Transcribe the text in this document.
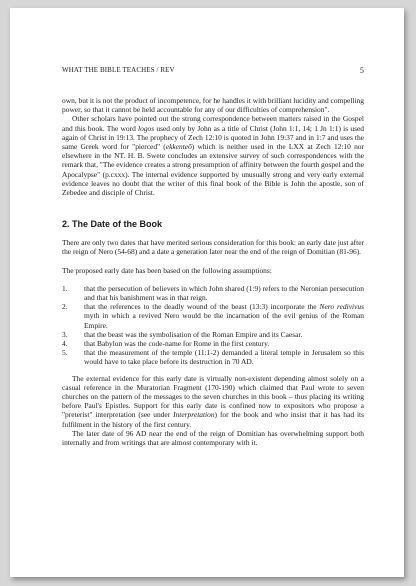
WHAT THE BIBLE TEACHES / REV	5

own, but it is not the product of incompetence, for he handles it with brilliant lucidity and compelling power, so that it cannot be held accountable for any of our difficulties of comprehension".

Other scholars have pointed out the strong correspondence between matters raised in the Gospel and this book. The word logos used only by John as a title of Christ (John 1:1, 14; 1 Jn 1:1) is used again of Christ in 19:13. The prophecy of Zech 12:10 is quoted in John 19:37 and in 1:7 and uses the same Greek word for "pierced" (ekkenteō) which is neither used in the LXX at Zech 12:10 nor elsewhere in the NT. H. B. Swete concludes an extensive survey of such correspondences with the remark that, "The evidence creates a strong presumption of affinity between the fourth gospel and the Apocalypse" (p.cxxx). The internal evidence supported by unusually strong and very early external evidence leaves no doubt that the writer of this final book of the Bible is John the apostle, son of Zebedee and disciple of Christ.

2. The Date of the Book

There are only two dates that have merited serious consideration for this book: an early date just after the reign of Nero (54-68) and a date a generation later near the end of the reign of Domitian (81-96).

The proposed early date has been based on the following assumptions:

1.	that the persecution of believers in which John shared (1:9) refers to the Neronian persecution and that his banishment was in that reign.
2.	that the references to the deadly wound of the beast (13:3) incorporate the Nero redivivus myth in which a revived Nero would be the incarnation of the evil genius of the Roman Empire.
3.	that the beast was the symbolisation of the Roman Empire and its Caesar.
4.	that Babylon was the code-name for Rome in the first century.
5.	that the measurement of the temple (11:1-2) demanded a literal temple in Jerusalem so this would have to take place before its destruction in 70 AD.

The external evidence for this early date is virtually non-existent depending almost solely on a casual reference in the Muratorian Fragment (170-190) which claimed that Paul wrote to seven churches on the pattern of the messages to the seven churches in this book – thus placing its writing before Paul's Epistles. Support for this early date is confined now to expositors who propose a "preterist" interpretation (see under Interpretation) for the book and who insist that it has had its fulfilment in the history of the first century.

The later date of 96 AD near the end of the reign of Domitian has overwhelming support both internally and from writings that are almost contemporary with it.
